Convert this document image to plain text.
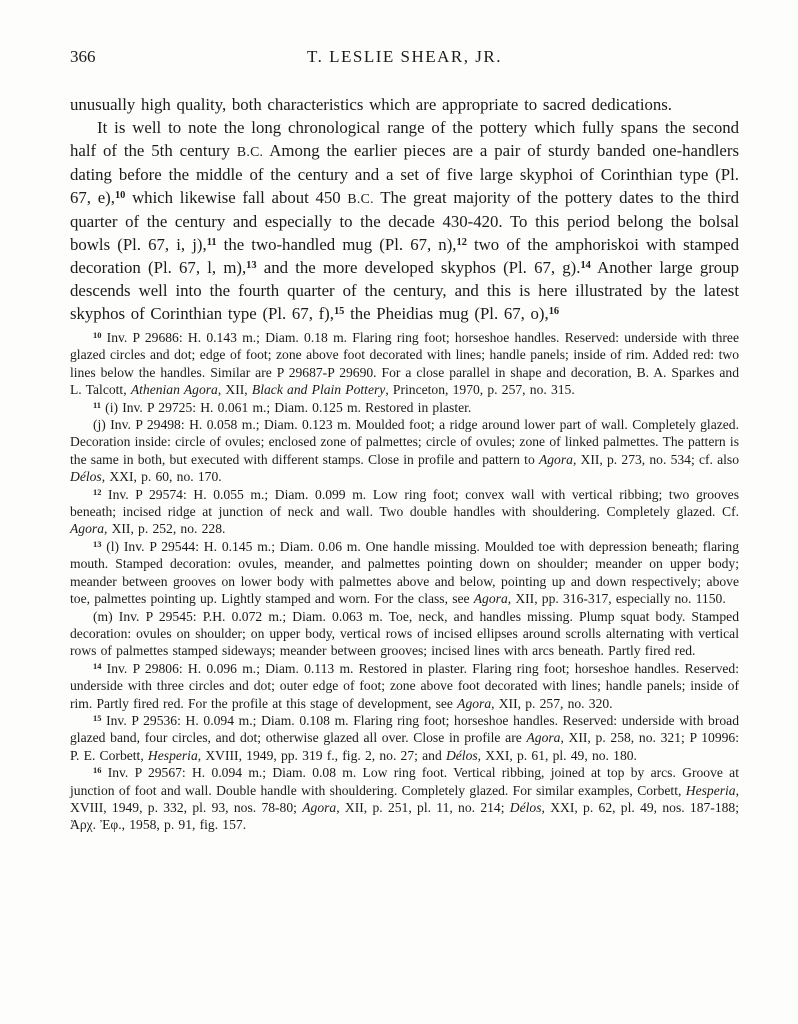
366	T. LESLIE SHEAR, JR.
unusually high quality, both characteristics which are appropriate to sacred dedications.
It is well to note the long chronological range of the pottery which fully spans the second half of the 5th century B.C. Among the earlier pieces are a pair of sturdy banded one-handlers dating before the middle of the century and a set of five large skyphoi of Corinthian type (Pl. 67, e),$^{10}$ which likewise fall about 450 B.C. The great majority of the pottery dates to the third quarter of the century and especially to the decade 430-420. To this period belong the bolsal bowls (Pl. 67, i, j),$^{11}$ the two-handled mug (Pl. 67, n),$^{12}$ two of the amphoriskoi with stamped decoration (Pl. 67, l, m),$^{13}$ and the more developed skyphos (Pl. 67, g).$^{14}$ Another large group descends well into the fourth quarter of the century, and this is here illustrated by the latest skyphos of Corinthian type (Pl. 67, f),$^{15}$ the Pheidias mug (Pl. 67, o),$^{16}$
$^{10}$ Inv. P 29686: H. 0.143 m.; Diam. 0.18 m. Flaring ring foot; horseshoe handles. Reserved: underside with three glazed circles and dot; edge of foot; zone above foot decorated with lines; handle panels; inside of rim. Added red: two lines below the handles. Similar are P 29687-P 29690. For a close parallel in shape and decoration, B. A. Sparkes and L. Talcott, Athenian Agora, XII, Black and Plain Pottery, Princeton, 1970, p. 257, no. 315.
$^{11}$ (i) Inv. P 29725: H. 0.061 m.; Diam. 0.125 m. Restored in plaster.
(j) Inv. P 29498: H. 0.058 m.; Diam. 0.123 m. Moulded foot; a ridge around lower part of wall. Completely glazed. Decoration inside: circle of ovules; enclosed zone of palmettes; circle of ovules; zone of linked palmettes. The pattern is the same in both, but executed with different stamps. Close in profile and pattern to Agora, XII, p. 273, no. 534; cf. also Délos, XXI, p. 60, no. 170.
$^{12}$ Inv. P 29574: H. 0.055 m.; Diam. 0.099 m. Low ring foot; convex wall with vertical ribbing; two grooves beneath; incised ridge at junction of neck and wall. Two double handles with shouldering. Completely glazed. Cf. Agora, XII, p. 252, no. 228.
$^{13}$ (l) Inv. P 29544: H. 0.145 m.; Diam. 0.06 m. One handle missing. Moulded toe with depression beneath; flaring mouth. Stamped decoration: ovules, meander, and palmettes pointing down on shoulder; meander on upper body; meander between grooves on lower body with palmettes above and below, pointing up and down respectively; above toe, palmettes pointing up. Lightly stamped and worn. For the class, see Agora, XII, pp. 316-317, especially no. 1150.
(m) Inv. P 29545: P.H. 0.072 m.; Diam. 0.063 m. Toe, neck, and handles missing. Plump squat body. Stamped decoration: ovules on shoulder; on upper body, vertical rows of incised ellipses around scrolls alternating with vertical rows of palmettes stamped sideways; meander between grooves; incised lines with arcs beneath. Partly fired red.
$^{14}$ Inv. P 29806: H. 0.096 m.; Diam. 0.113 m. Restored in plaster. Flaring ring foot; horseshoe handles. Reserved: underside with three circles and dot; outer edge of foot; zone above foot decorated with lines; handle panels; inside of rim. Partly fired red. For the profile at this stage of development, see Agora, XII, p. 257, no. 320.
$^{15}$ Inv. P 29536: H. 0.094 m.; Diam. 0.108 m. Flaring ring foot; horseshoe handles. Reserved: underside with broad glazed band, four circles, and dot; otherwise glazed all over. Close in profile are Agora, XII, p. 258, no. 321; P 10996: P. E. Corbett, Hesperia, XVIII, 1949, pp. 319 f., fig. 2, no. 27; and Délos, XXI, p. 61, pl. 49, no. 180.
$^{16}$ Inv. P 29567: H. 0.094 m.; Diam. 0.08 m. Low ring foot. Vertical ribbing, joined at top by arcs. Groove at junction of foot and wall. Double handle with shouldering. Completely glazed. For similar examples, Corbett, Hesperia, XVIII, 1949, p. 332, pl. 93, nos. 78-80; Agora, XII, p. 251, pl. 11, no. 214; Délos, XXI, p. 62, pl. 49, nos. 187-188; Ἀρχ. Ἐφ., 1958, p. 91, fig. 157.
